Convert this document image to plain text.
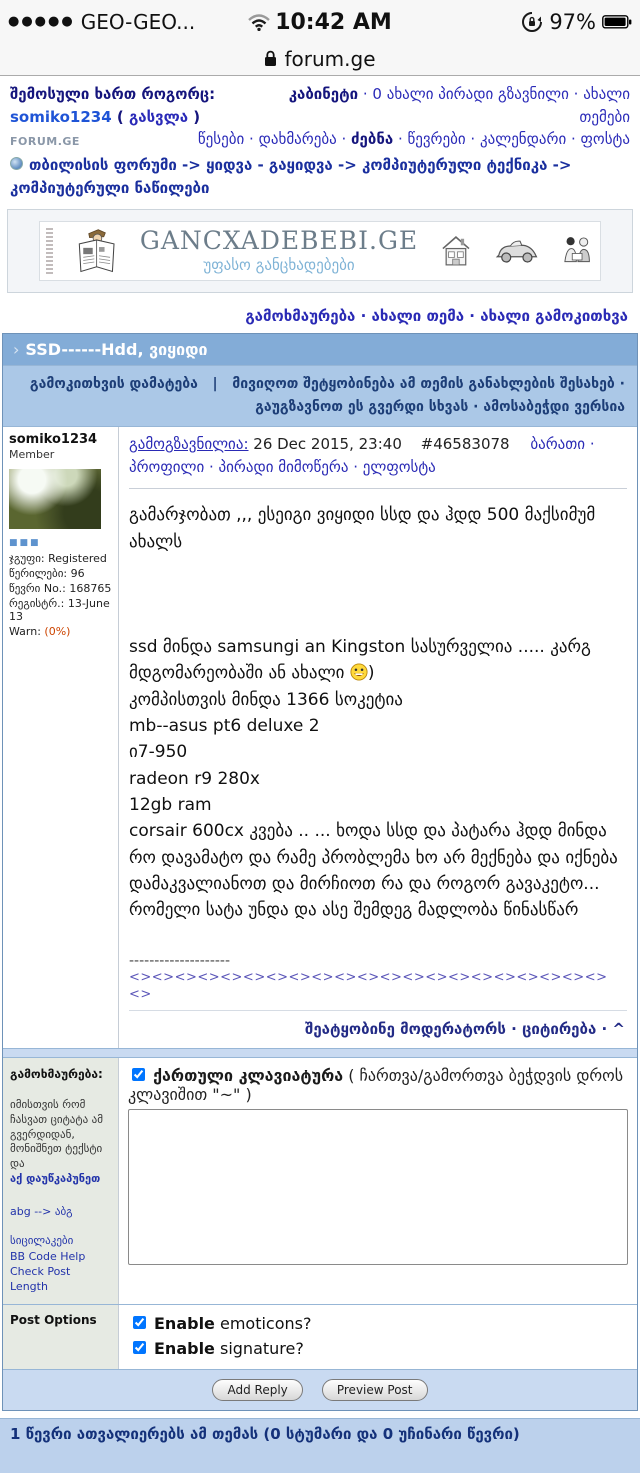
●●●●● GEO-GEO...	10:42 AM	97%
forum.ge
შემოსული ხართ როგორც: somiko1234 ( გასვლა )
კაბინეტი · 0 ახალი პირადი გზავნილი · ახალი თემები
FORUM.GE	წესები · დახმარება · ძებნა · წევრები · კალენდარი · ფოსტა
თბილისის ფორუმი -> ყიდვა - გაყიდვა -> კომპიუტერული ტექნიკა -> კომპიუტერული ნაწილები
GANCXADEBEBI.GE
უფასო განცხადებები
გამოხმაურება · ახალი თემა · ახალი გამოკითხვა
› SSD------Hdd, ვიყიდი
გამოკითხვის დამატება | მივიღოთ შეტყობინება ამ თემის განახლების შესახებ · გაუგზავნოთ ეს გვერდი სხვას · ამოსაბეჭდი ვერსია
somiko1234
Member
■■■
ჯგუფი: Registered
წერილები: 96
წევრი No.: 168765
რეგისტრ.: 13-June 13
Warn: (0%)
გამოგზავნილია: 26 Dec 2015, 23:40 #46583078 ბარათი · პროფილი · პირადი მიმოწერა · ელფოსტა
გამარჯობათ ,,, ესეიგი ვიყიდი სსდ და ჰდდ 500 მაქსიმუმ ახალს

ssd მინდა samsungi an Kingston სასურველია ..... კარგ მდგომარეობაში ან ახალი )
კომპისთვის მინდა 1366 სოკეტია
mb--asus pt6 deluxe 2
ი7-950
radeon r9 280x
12gb ram
corsair 600cx კვება .. ... ხოდა სსდ და პატარა ჰდდ მინდა რო დავამატო და რამე პრობლემა ხო არ მექნება და იქნება დამაკვალიანოთ და მირჩიოთ რა და როგორ გავაკეტო... რომელი სატა უნდა და ასე შემდეგ მადლობა წინასწარ
--------------------
<><><><><><><><><><><><><><><><><><><><><><>
შეატყობინე მოდერატორს · ციტირება · ^
გამოხმაურება:
იმისთვის რომ ჩასვათ ციტატა ამ გვერდიდან, მონიშნეთ ტექსტი და
აქ დაუწკაპუნეთ
abg --> აბგ
სიცილაკები
BB Code Help
Check Post Length
ქართული კლავიატურა ( ჩართვა/გამორთვა ბეჭდვის დროს კლავიშით "~" )
Post Options	Enable emoticons?
Enable signature?
Add Reply	Preview Post
1 წევრი ათვალიერებს ამ თემას (0 სტუმარი და 0 უჩინარი წევრი)
